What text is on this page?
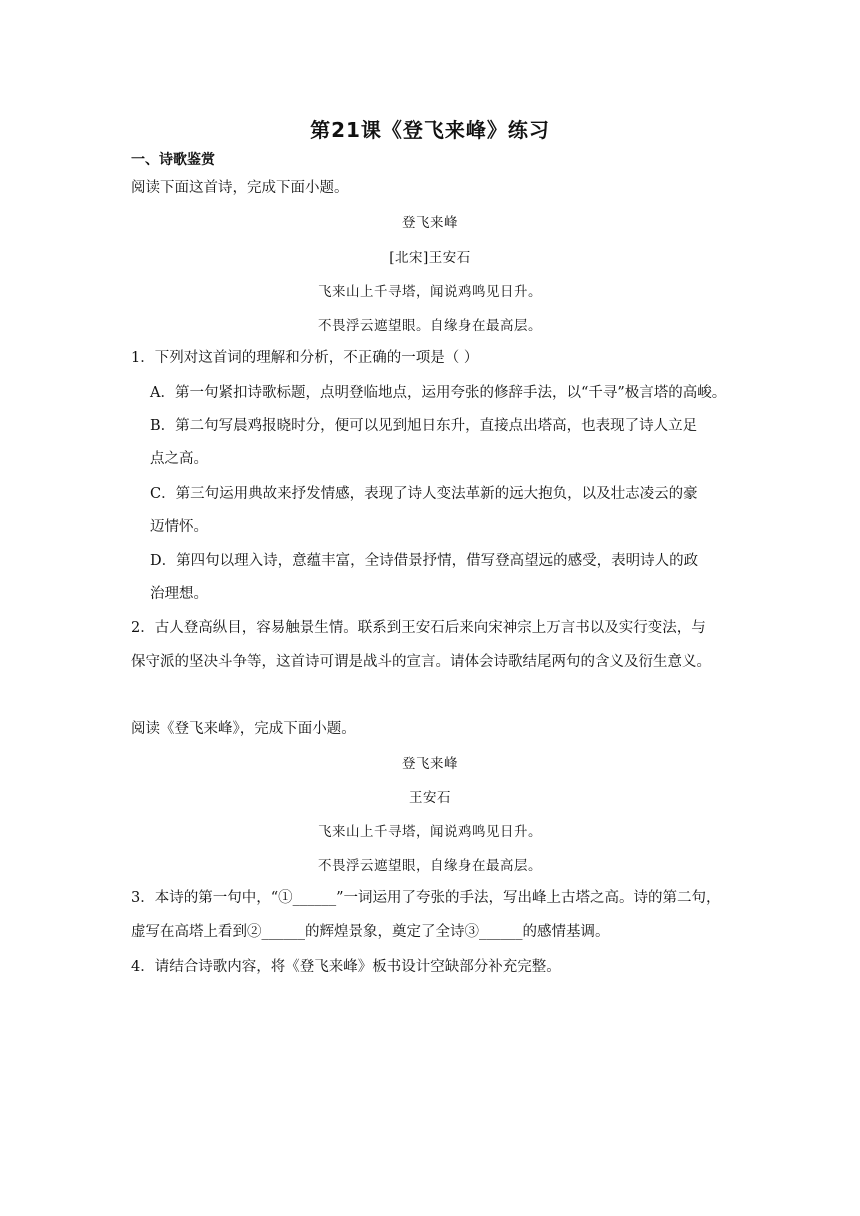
第21课《登飞来峰》练习
一、诗歌鉴赏
阅读下面这首诗，完成下面小题。
登飞来峰
[北宋]王安石
飞来山上千寻塔，闻说鸡鸣见日升。
不畏浮云遮望眼。自缘身在最高层。
1．下列对这首词的理解和分析，不正确的一项是（ ）
A．第一句紧扣诗歌标题，点明登临地点，运用夸张的修辞手法，以“千寻”极言塔的高峻。
B．第二句写晨鸡报晓时分，便可以见到旭日东升，直接点出塔高，也表现了诗人立足
点之高。
C．第三句运用典故来抒发情感，表现了诗人变法革新的远大抱负，以及壮志凌云的豪
迈情怀。
D．第四句以理入诗，意蕴丰富，全诗借景抒情，借写登高望远的感受，表明诗人的政
治理想。
2．古人登高纵目，容易触景生情。联系到王安石后来向宋神宗上万言书以及实行变法，与
保守派的坚决斗争等，这首诗可谓是战斗的宣言。请体会诗歌结尾两句的含义及衍生意义。
阅读《登飞来峰》，完成下面小题。
登飞来峰
王安石
飞来山上千寻塔，闻说鸡鸣见日升。
不畏浮云遮望眼，自缘身在最高层。
3．本诗的第一句中，“①______”一词运用了夸张的手法，写出峰上古塔之高。诗的第二句，
虚写在高塔上看到②______的辉煌景象，奠定了全诗③______的感情基调。
4．请结合诗歌内容，将《登飞来峰》板书设计空缺部分补充完整。
